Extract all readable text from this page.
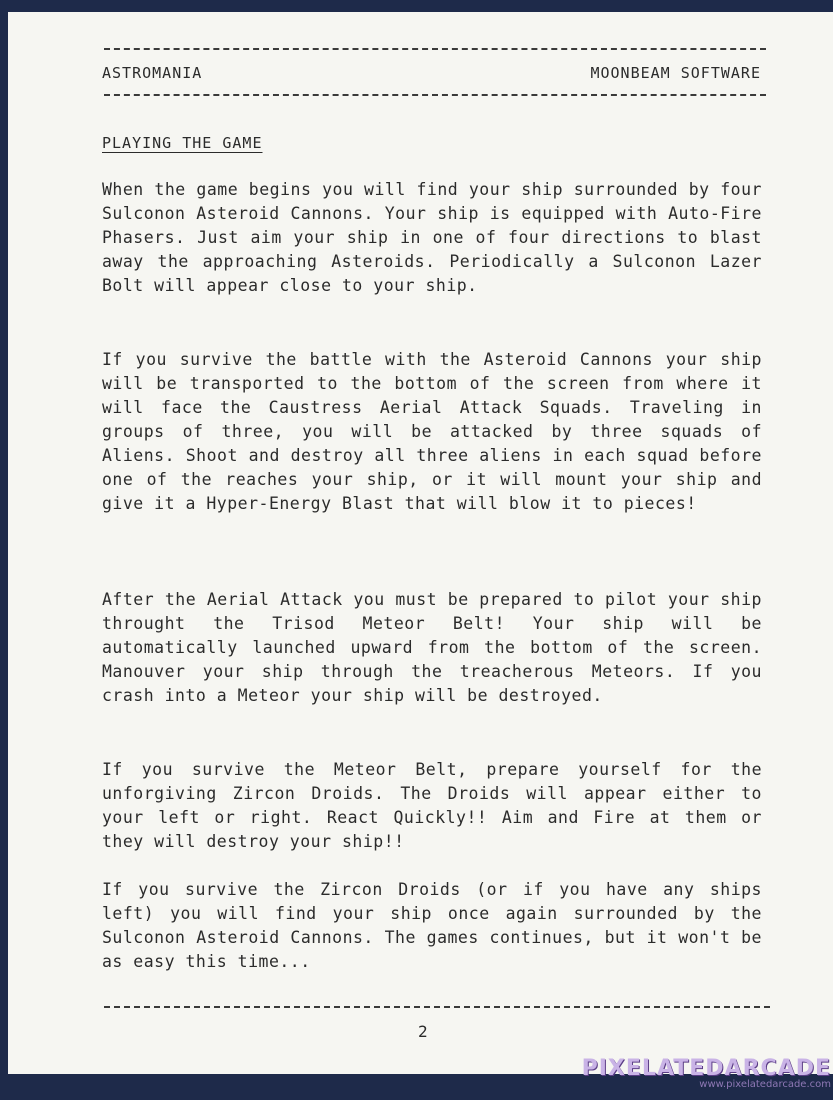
ASTROMANIA	MOONBEAM SOFTWARE
PLAYING THE GAME

When the game begins you will find your ship surrounded by four Sulconon Asteroid Cannons. Your ship is equipped with Auto-Fire Phasers. Just aim your ship in one of four directions to blast away the approaching Asteroids. Periodically a Sulconon Lazer Bolt will appear close to your ship.

If you survive the battle with the Asteroid Cannons your ship will be transported to the bottom of the screen from where it will face the Caustress Aerial Attack Squads. Traveling in groups of three, you will be attacked by three squads of Aliens. Shoot and destroy all three aliens in each squad before one of the reaches your ship, or it will mount your ship and give it a Hyper-Energy Blast that will blow it to pieces!

After the Aerial Attack you must be prepared to pilot your ship throught the Trisod Meteor Belt! Your ship will be automatically launched upward from the bottom of the screen. Manouver your ship through the treacherous Meteors. If you crash into a Meteor your ship will be destroyed.

If you survive the Meteor Belt, prepare yourself for the unforgiving Zircon Droids. The Droids will appear either to your left or right. React Quickly!! Aim and Fire at them or they will destroy your ship!!

If you survive the Zircon Droids (or if you have any ships left) you will find your ship once again surrounded by the Sulconon Asteroid Cannons. The games continues, but it won't be as easy this time...

2
PIXELATEDARCADE
www.pixelatedarcade.com
